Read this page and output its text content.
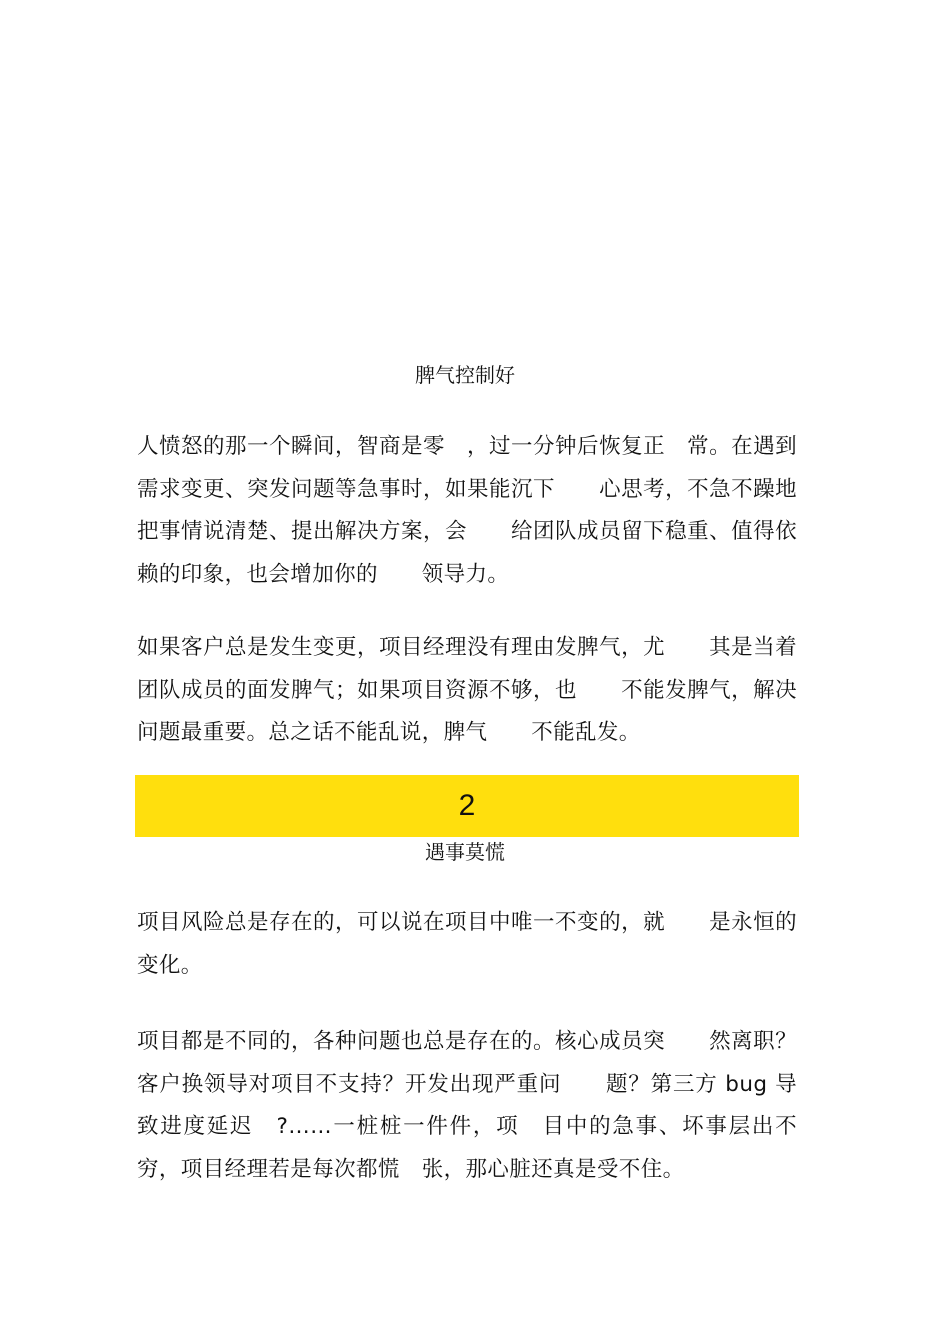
脾气控制好

人愤怒的那一个瞬间，智商是零　，过一分钟后恢复正　常。在遇到需求变更、突发问题等急事时，如果能沉下　　心思考，不急不躁地把事情说清楚、提出解决方案，会　　给团队成员留下稳重、值得依赖的印象，也会增加你的　　领导力。

如果客户总是发生变更，项目经理没有理由发脾气，尤　　其是当着团队成员的面发脾气；如果项目资源不够，也　　不能发脾气，解决问题最重要。总之话不能乱说，脾气　　不能乱发。

2
遇事莫慌

项目风险总是存在的，可以说在项目中唯一不变的，就　　是永恒的变化。

项目都是不同的，各种问题也总是存在的。核心成员突　　然离职？客户换领导对项目不支持？开发出现严重问　　题？第三方 bug 导致进度延迟　?……一桩桩一件件，项　目中的急事、坏事层出不穷，项目经理若是每次都慌　张，那心脏还真是受不住。
